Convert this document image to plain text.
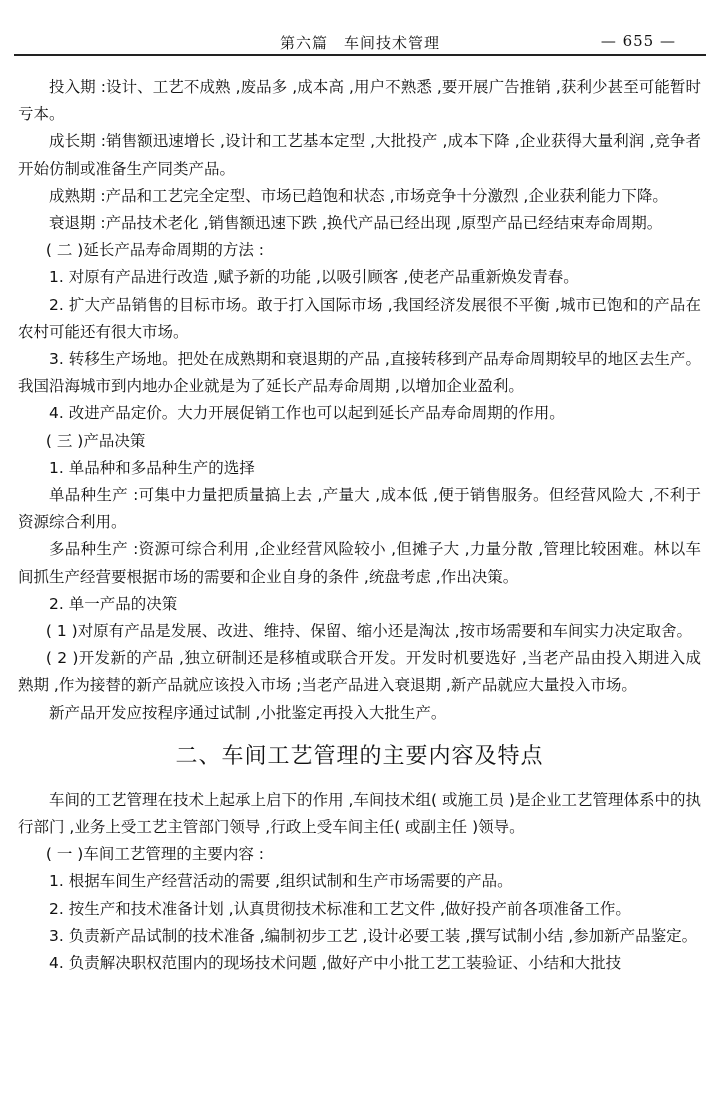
第六篇　车间技术管理	— 655 —

投入期 :设计、工艺不成熟 ,废品多 ,成本高 ,用户不熟悉 ,要开展广告推销 ,获利少甚至可能暂时亏本。

成长期 :销售额迅速增长 ,设计和工艺基本定型 ,大批投产 ,成本下降 ,企业获得大量利润 ,竞争者开始仿制或准备生产同类产品。

成熟期 :产品和工艺完全定型、市场已趋饱和状态 ,市场竞争十分激烈 ,企业获利能力下降。

衰退期 :产品技术老化 ,销售额迅速下跌 ,换代产品已经出现 ,原型产品已经结束寿命周期。

( 二 )延长产品寿命周期的方法 :

1. 对原有产品进行改造 ,赋予新的功能 ,以吸引顾客 ,使老产品重新焕发青春。

2. 扩大产品销售的目标市场。敢于打入国际市场 ,我国经济发展很不平衡 ,城市已饱和的产品在农村可能还有很大市场。

3. 转移生产场地。把处在成熟期和衰退期的产品 ,直接转移到产品寿命周期较早的地区去生产。我国沿海城市到内地办企业就是为了延长产品寿命周期 ,以增加企业盈利。

4. 改进产品定价。大力开展促销工作也可以起到延长产品寿命周期的作用。

( 三 )产品决策

1. 单品种和多品种生产的选择

单品种生产 :可集中力量把质量搞上去 ,产量大 ,成本低 ,便于销售服务。但经营风险大 ,不利于资源综合利用。

多品种生产 :资源可综合利用 ,企业经营风险较小 ,但摊子大 ,力量分散 ,管理比较困难。林以车间抓生产经营要根据市场的需要和企业自身的条件 ,统盘考虑 ,作出决策。

2. 单一产品的决策

( 1 )对原有产品是发展、改进、维持、保留、缩小还是淘汰 ,按市场需要和车间实力决定取舍。

( 2 )开发新的产品 ,独立研制还是移植或联合开发。开发时机要选好 ,当老产品由投入期进入成熟期 ,作为接替的新产品就应该投入市场 ;当老产品进入衰退期 ,新产品就应大量投入市场。

新产品开发应按程序通过试制 ,小批鉴定再投入大批生产。

二、车间工艺管理的主要内容及特点

车间的工艺管理在技术上起承上启下的作用 ,车间技术组( 或施工员 )是企业工艺管理体系中的执行部门 ,业务上受工艺主管部门领导 ,行政上受车间主任( 或副主任 )领导。

( 一 )车间工艺管理的主要内容 :

1. 根据车间生产经营活动的需要 ,组织试制和生产市场需要的产品。

2. 按生产和技术准备计划 ,认真贯彻技术标准和工艺文件 ,做好投产前各项准备工作。

3. 负责新产品试制的技术准备 ,编制初步工艺 ,设计必要工装 ,撰写试制小结 ,参加新产品鉴定。

4. 负责解决职权范围内的现场技术问题 ,做好产中小批工艺工装验证、小结和大批技
